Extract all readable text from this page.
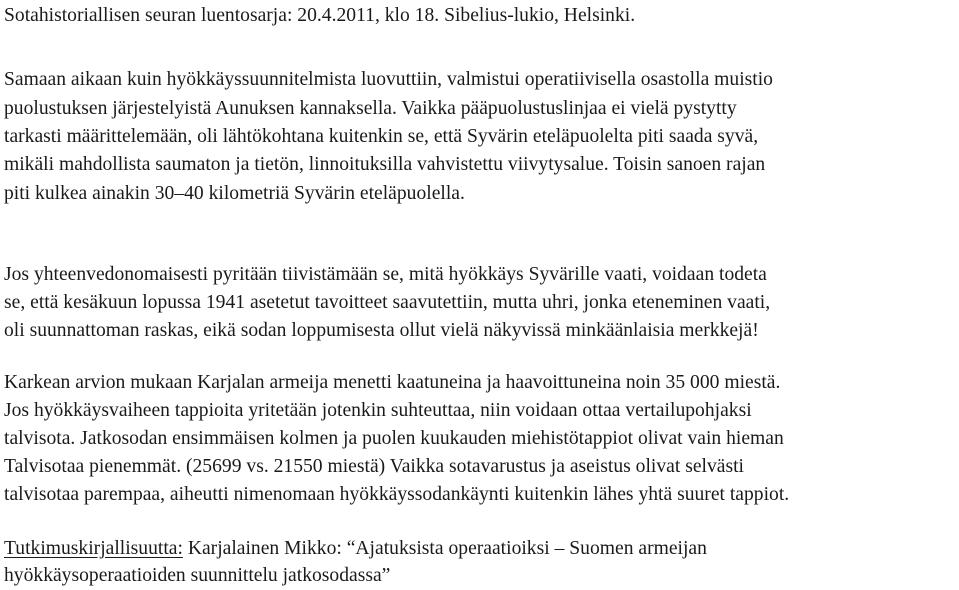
Sotahistoriallisen seuran luentosarja: 20.4.2011, klo 18. Sibelius-lukio, Helsinki.
Samaan aikaan kuin hyökkäyssuunnitelmista luovuttiin, valmistui operatiivisella osastolla muistio
puolustuksen järjestelyistä Aunuksen kannaksella. Vaikka pääpuolustuslinjaa ei vielä pystytty
tarkasti määrittelemään, oli lähtökohtana kuitenkin se, että Syvärin eteläpuolelta piti saada syvä,
mikäli mahdollista saumaton ja tietön, linnoituksilla vahvistettu viivytysalue. Toisin sanoen rajan
piti kulkea ainakin 30–40 kilometriä Syvärin eteläpuolella.
Jos yhteenvedonomaisesti pyritään tiivistämään se, mitä hyökkäys Syvärille vaati, voidaan todeta
se, että kesäkuun lopussa 1941 asetetut tavoitteet saavutettiin, mutta uhri, jonka eteneminen vaati,
oli suunnattoman raskas, eikä sodan loppumisesta ollut vielä näkyvissä minkäänlaisia merkkejä!
Karkean arvion mukaan Karjalan armeija menetti kaatuneina ja haavoittuneina noin 35 000 miestä.
Jos hyökkäysvaiheen tappioita yritetään jotenkin suhteuttaa, niin voidaan ottaa vertailupohjaksi
talvisota. Jatkosodan ensimmäisen kolmen ja puolen kuukauden miehistötappiot olivat vain hieman
Talvisotaa pienemmät. (25699 vs. 21550 miestä) Vaikka sotavarustus ja aseistus olivat selvästi
talvisotaa parempaa, aiheutti nimenomaan hyökkäyssodankäynti kuitenkin lähes yhtä suuret tappiot.
Tutkimuskirjallisuutta: Karjalainen Mikko: “Ajatuksista operaatioiksi – Suomen armeijan
hyökkäysoperaatioiden suunnittelu jatkosodassa”
